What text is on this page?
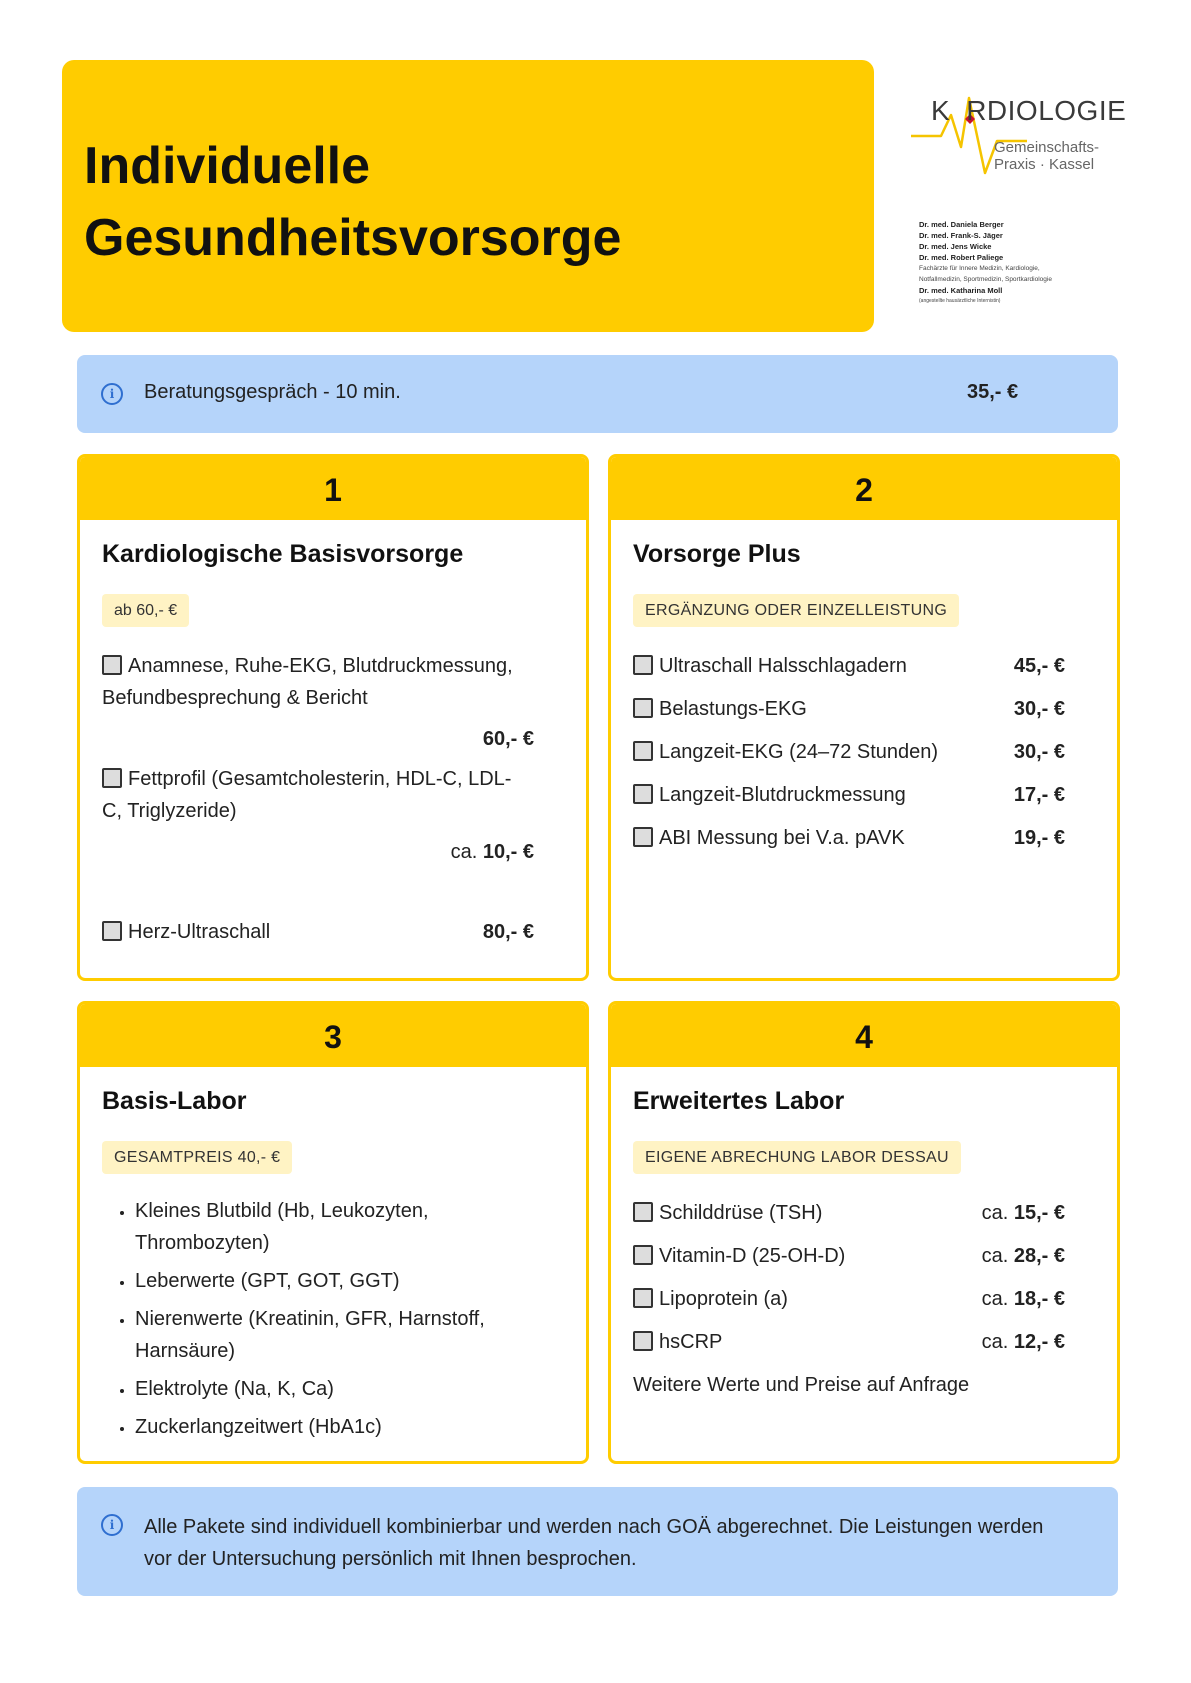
Individuelle
Gesundheitsvorsorge
K RDIOLOGIE
Gemeinschafts-
Praxis · Kassel
Dr. med. Daniela Berger
Dr. med. Frank-S. Jäger
Dr. med. Jens Wicke
Dr. med. Robert Paliege
Fachärzte für Innere Medizin, Kardiologie,
Notfallmedizin, Sportmedizin, Sportkardiologie
Dr. med. Katharina Moll
(angestellte hausärztliche Internistin)
i	Beratungsgespräch - 10 min.	35,- €
1
Kardiologische Basisvorsorge
ab 60,- €
Anamnese, Ruhe-EKG, Blutdruckmessung,
Befundbesprechung & Bericht
60,- €
Fettprofil (Gesamtcholesterin, HDL-C, LDL-
C, Triglyzeride)
ca. 10,- €
Herz-Ultraschall	80,- €
2
Vorsorge Plus
ERGÄNZUNG ODER EINZELLEISTUNG
Ultraschall Halsschlagadern	45,- €
Belastungs-EKG	30,- €
Langzeit-EKG (24–72 Stunden)	30,- €
Langzeit-Blutdruckmessung	17,- €
ABI Messung bei V.a. pAVK	19,- €
3
Basis-Labor
GESAMTPREIS 40,- €
• Kleines Blutbild (Hb, Leukozyten, Thrombozyten)
• Leberwerte (GPT, GOT, GGT)
• Nierenwerte (Kreatinin, GFR, Harnstoff, Harnsäure)
• Elektrolyte (Na, K, Ca)
• Zuckerlangzeitwert (HbA1c)
4
Erweitertes Labor
EIGENE ABRECHUNG LABOR DESSAU
Schilddrüse (TSH)	ca. 15,- €
Vitamin-D (25-OH-D)	ca. 28,- €
Lipoprotein (a)	ca. 18,- €
hsCRP	ca. 12,- €
Weitere Werte und Preise auf Anfrage
i	Alle Pakete sind individuell kombinierbar und werden nach GOÄ abgerechnet. Die Leistungen werden vor der Untersuchung persönlich mit Ihnen besprochen.
